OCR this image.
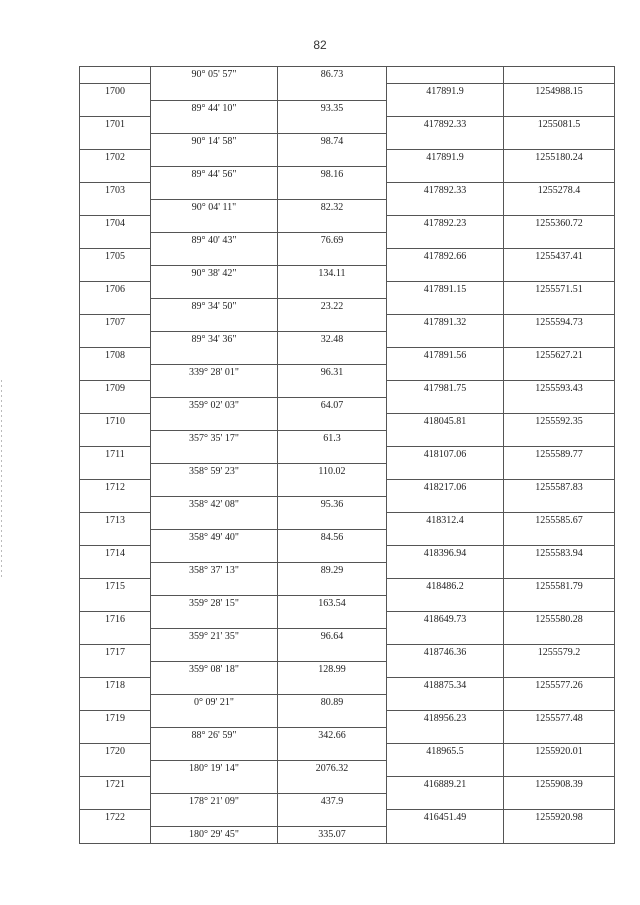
82
	90° 05' 57"	86.73		
1700			417891.9	1254988.15
	89° 44' 10"	93.35		
1701			417892.33	1255081.5
	90° 14' 58"	98.74		
1702			417891.9	1255180.24
	89° 44' 56"	98.16		
1703			417892.33	1255278.4
	90° 04' 11"	82.32		
1704			417892.23	1255360.72
	89° 40' 43"	76.69		
1705			417892.66	1255437.41
	90° 38' 42"	134.11		
1706			417891.15	1255571.51
	89° 34' 50"	23.22		
1707			417891.32	1255594.73
	89° 34' 36"	32.48		
1708			417891.56	1255627.21
	339° 28' 01"	96.31		
1709			417981.75	1255593.43
	359° 02' 03"	64.07		
1710			418045.81	1255592.35
	357° 35' 17"	61.3		
1711			418107.06	1255589.77
	358° 59' 23"	110.02		
1712			418217.06	1255587.83
	358° 42' 08"	95.36		
1713			418312.4	1255585.67
	358° 49' 40"	84.56		
1714			418396.94	1255583.94
	358° 37' 13"	89.29		
1715			418486.2	1255581.79
	359° 28' 15"	163.54		
1716			418649.73	1255580.28
	359° 21' 35"	96.64		
1717			418746.36	1255579.2
	359° 08' 18"	128.99		
1718			418875.34	1255577.26
	0° 09' 21"	80.89		
1719			418956.23	1255577.48
	88° 26' 59"	342.66		
1720			418965.5	1255920.01
	180° 19' 14"	2076.32		
1721			416889.21	1255908.39
	178° 21' 09"	437.9		
1722			416451.49	1255920.98
	180° 29' 45"	335.07		
